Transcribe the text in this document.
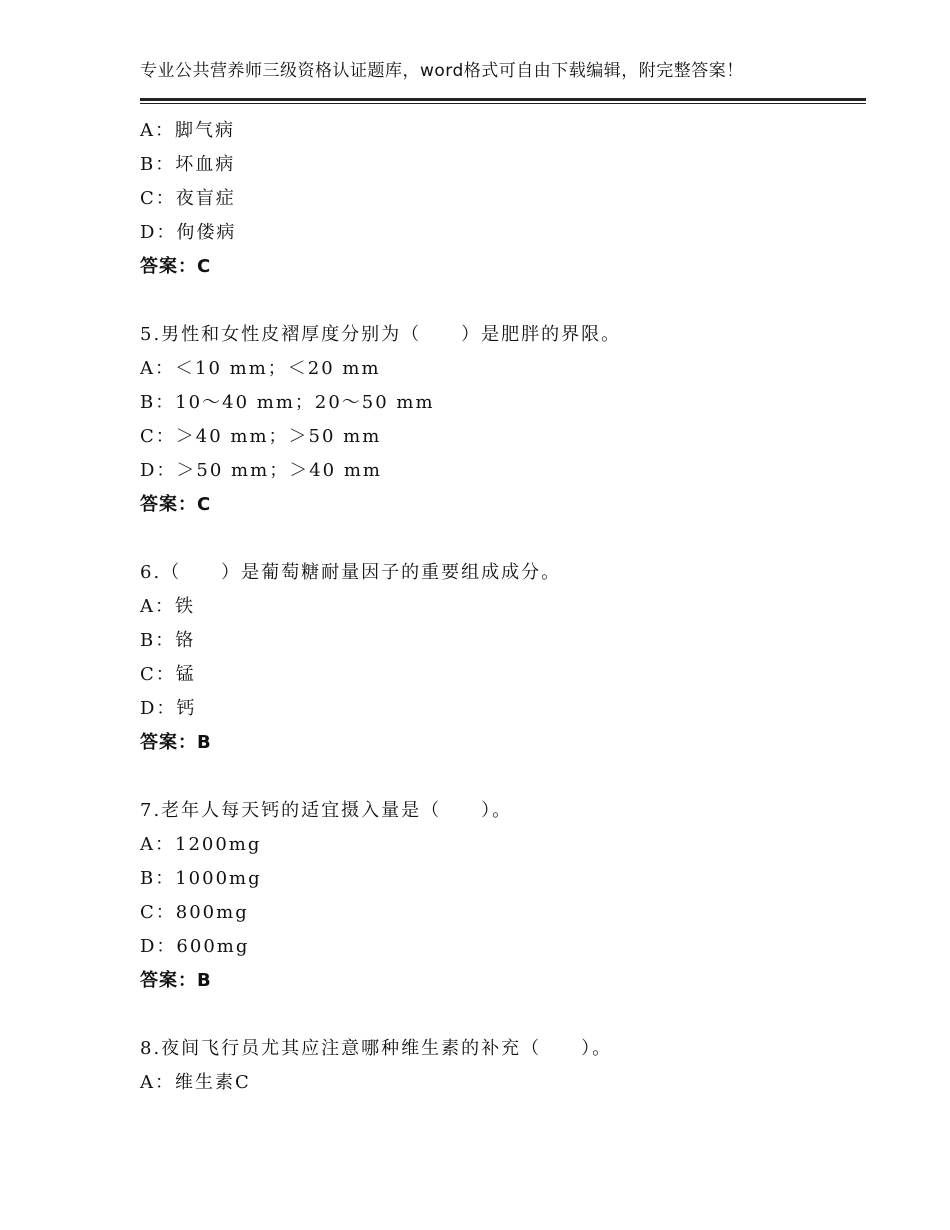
专业公共营养师三级资格认证题库，word格式可自由下载编辑，附完整答案！
A：脚气病
B：坏血病
C：夜盲症
D：佝偻病
答案：C
5.男性和女性皮褶厚度分别为（　　）是肥胖的界限。
A：＜10 mm；＜20 mm
B：10～40 mm；20～50 mm
C：＞40 mm；＞50 mm
D：＞50 mm；＞40 mm
答案：C
6.（　　）是葡萄糖耐量因子的重要组成成分。
A：铁
B：铬
C：锰
D：钙
答案：B
7.老年人每天钙的适宜摄入量是（　　）。
A：1200mg
B：1000mg
C：800mg
D：600mg
答案：B
8.夜间飞行员尤其应注意哪种维生素的补充（　　）。
A：维生素C
